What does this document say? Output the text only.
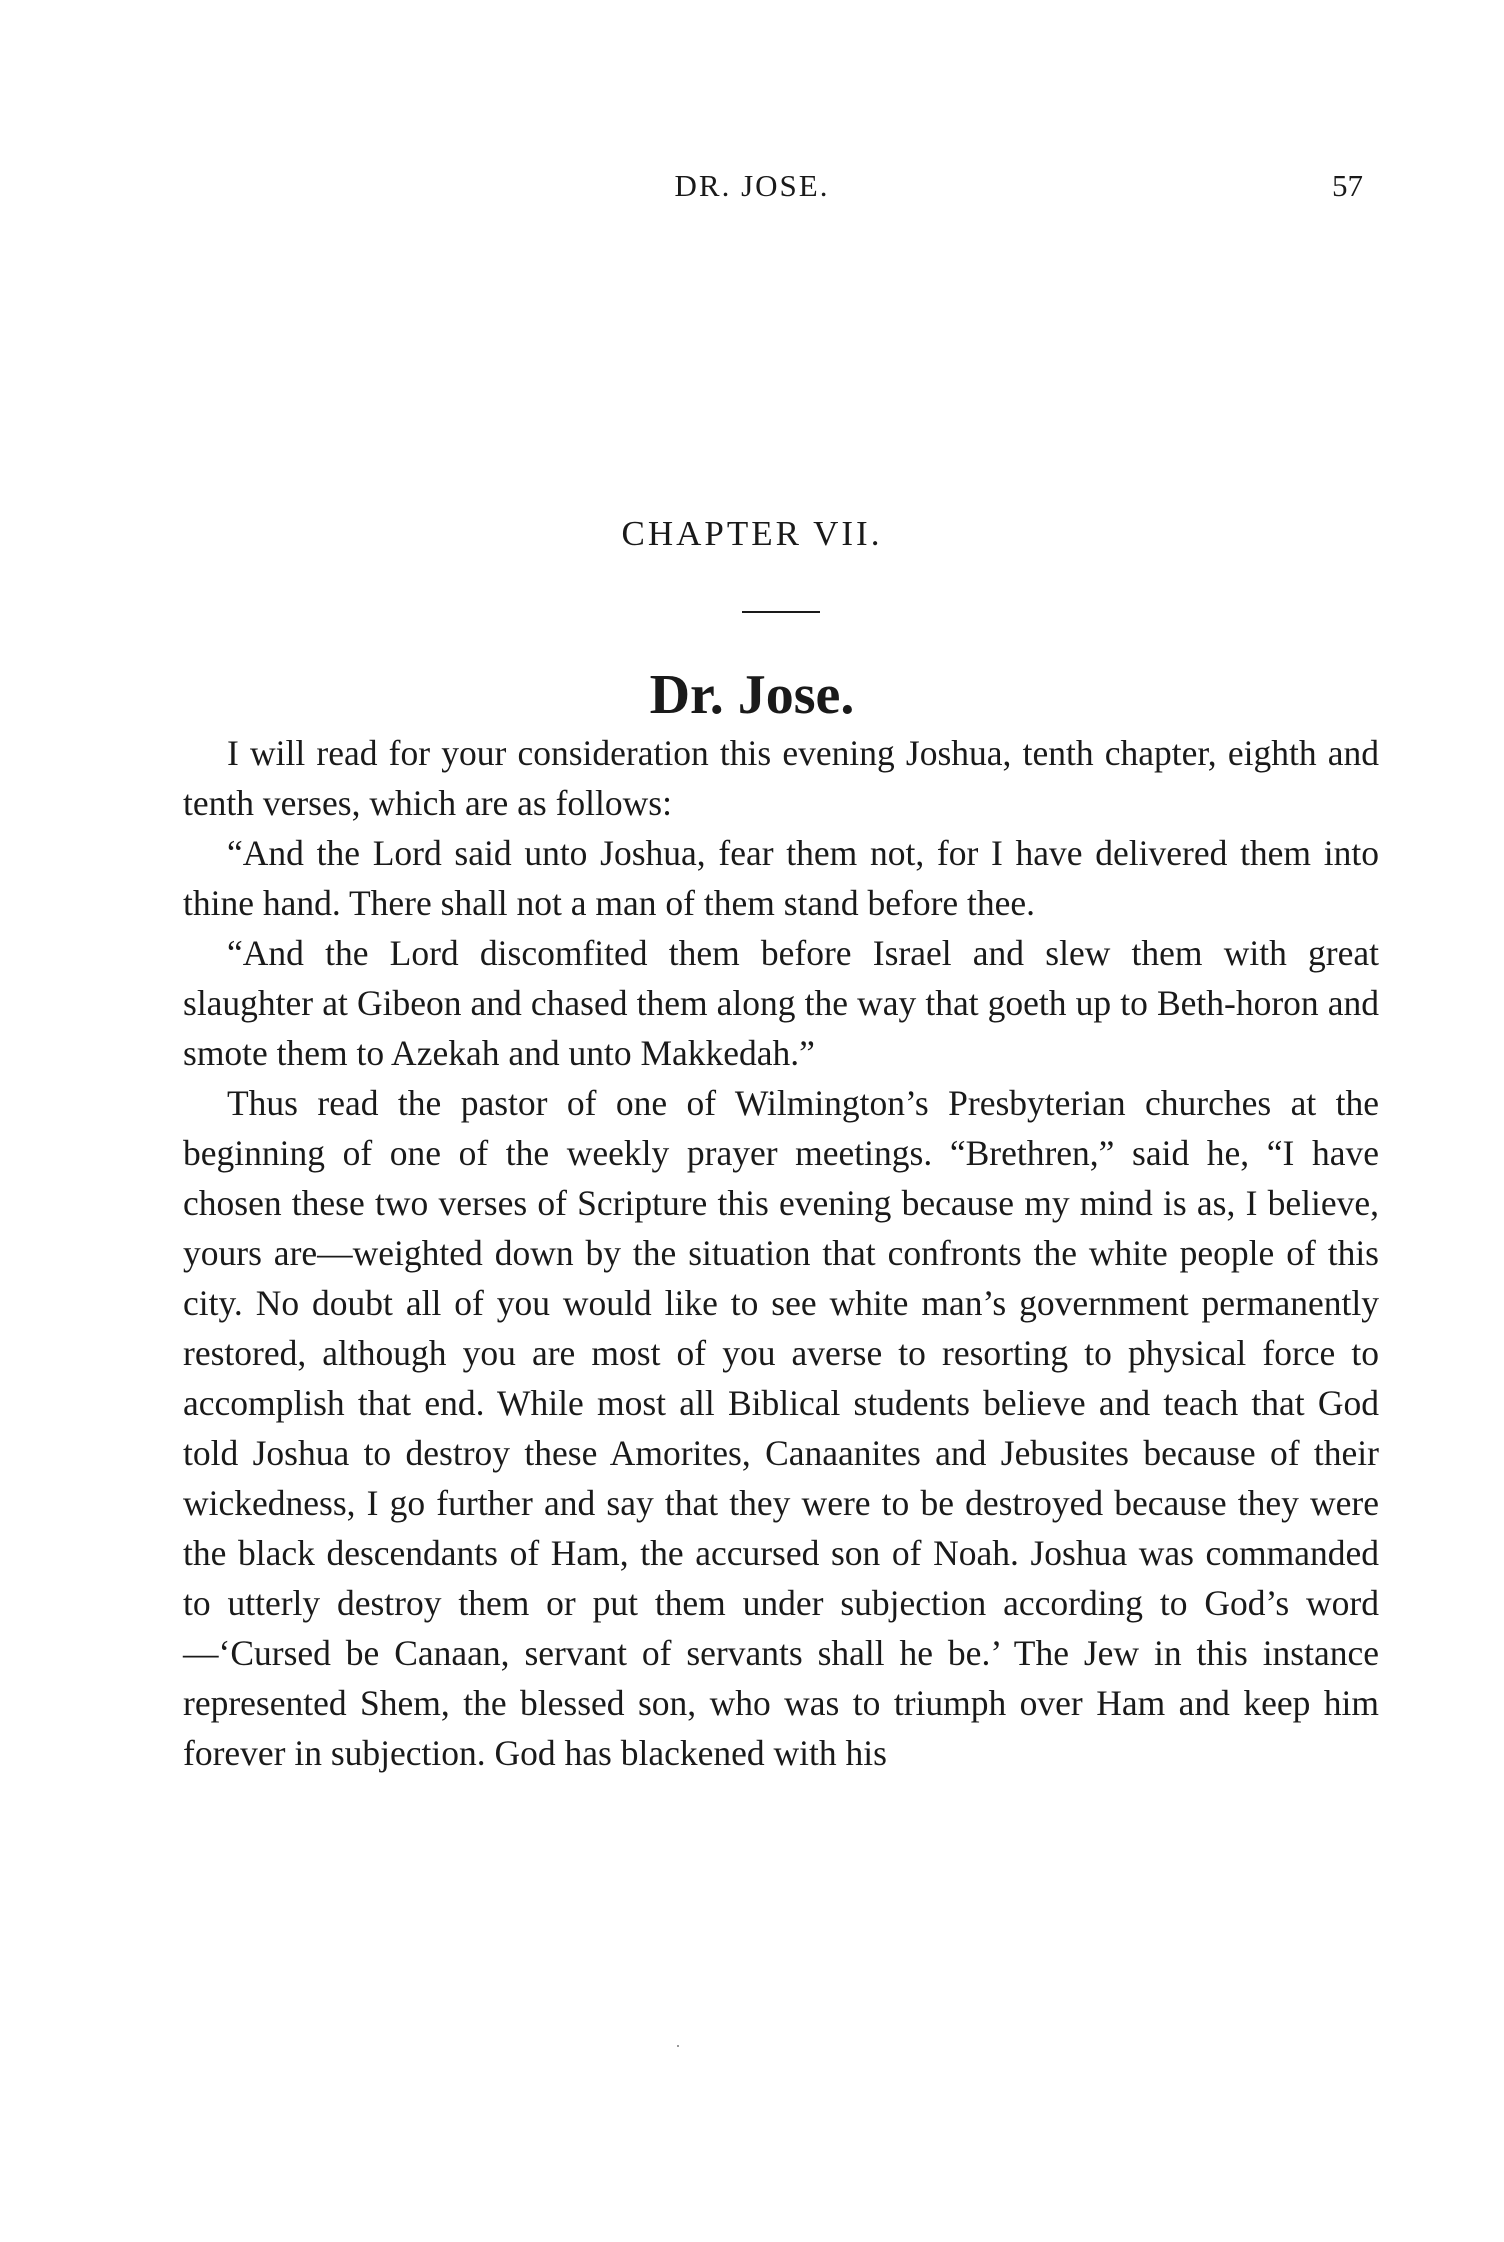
DR. JOSE.	57
CHAPTER VII.
Dr. Jose.

I will read for your consideration this evening Joshua, tenth chapter, eighth and tenth verses, which are as follows:

“And the Lord said unto Joshua, fear them not, for I have delivered them into thine hand. There shall not a man of them stand before thee.

“And the Lord discomfited them before Israel and slew them with great slaughter at Gibeon and chased them along the way that goeth up to Beth-horon and smote them to Azekah and unto Makkedah.”

Thus read the pastor of one of Wilmington’s Presbyterian churches at the beginning of one of the weekly prayer meetings. “Brethren,” said he, “I have chosen these two verses of Scripture this evening because my mind is as, I believe, yours are—weighted down by the situation that confronts the white people of this city. No doubt all of you would like to see white man’s government permanently restored, although you are most of you averse to resorting to physical force to accomplish that end. While most all Biblical students believe and teach that God told Joshua to destroy these Amorites, Canaanites and Jebusites because of their wickedness, I go further and say that they were to be destroyed because they were the black descendants of Ham, the accursed son of Noah. Joshua was commanded to utterly destroy them or put them under subjection according to God’s word—‘Cursed be Canaan, servant of servants shall he be.’ The Jew in this instance represented Shem, the blessed son, who was to triumph over Ham and keep him forever in subjection. God has blackened with his
